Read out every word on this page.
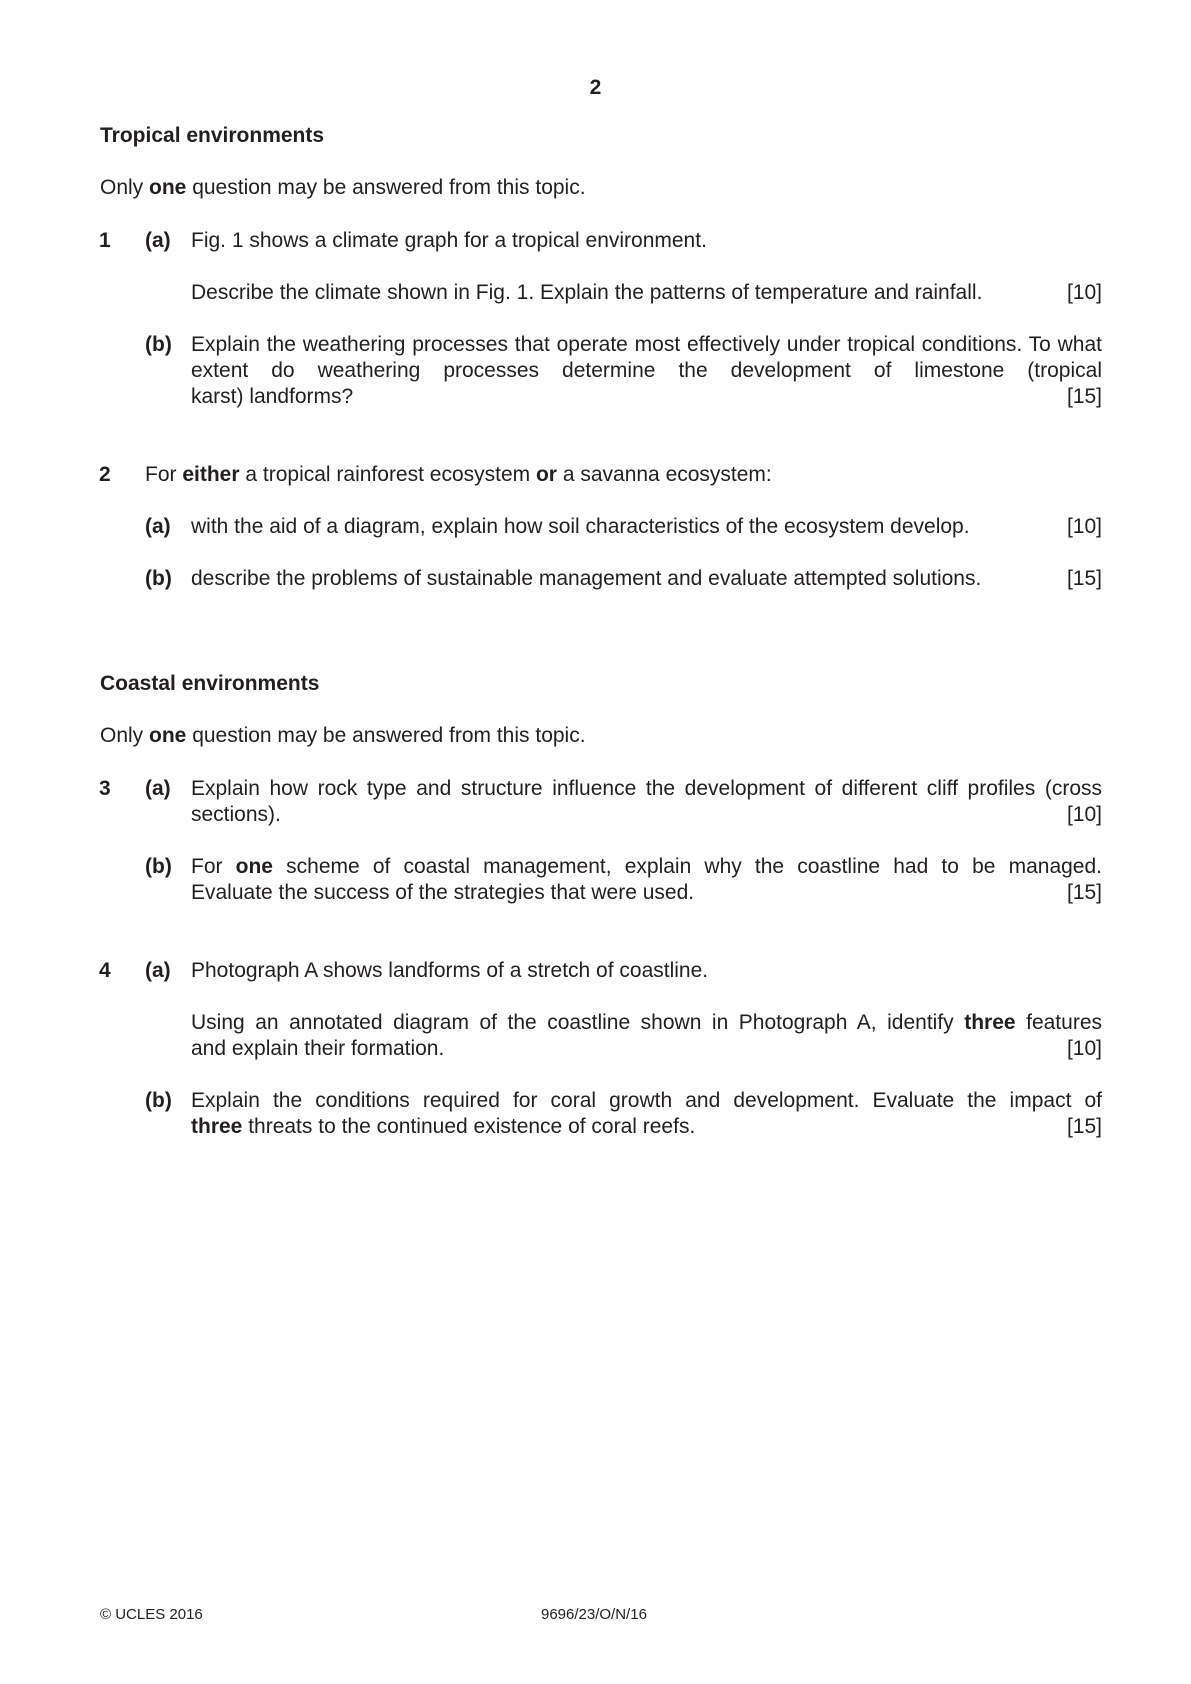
2
Tropical environments
Only one question may be answered from this topic.
1 (a) Fig. 1 shows a climate graph for a tropical environment.
Describe the climate shown in Fig. 1. Explain the patterns of temperature and rainfall.	[10]
(b) Explain the weathering processes that operate most effectively under tropical conditions. To what extent do weathering processes determine the development of limestone (tropical
karst) landforms?	[15]
2 For either a tropical rainforest ecosystem or a savanna ecosystem:
(a) with the aid of a diagram, explain how soil characteristics of the ecosystem develop.	[10]
(b) describe the problems of sustainable management and evaluate attempted solutions.	[15]
Coastal environments
Only one question may be answered from this topic.
3 (a) Explain how rock type and structure influence the development of different cliff profiles (cross
sections).	[10]
(b) For one scheme of coastal management, explain why the coastline had to be managed.
Evaluate the success of the strategies that were used.	[15]
4 (a) Photograph A shows landforms of a stretch of coastline.
Using an annotated diagram of the coastline shown in Photograph A, identify three features
and explain their formation.	[10]
(b) Explain the conditions required for coral growth and development. Evaluate the impact of
three threats to the continued existence of coral reefs.	[15]
© UCLES 2016	9696/23/O/N/16
